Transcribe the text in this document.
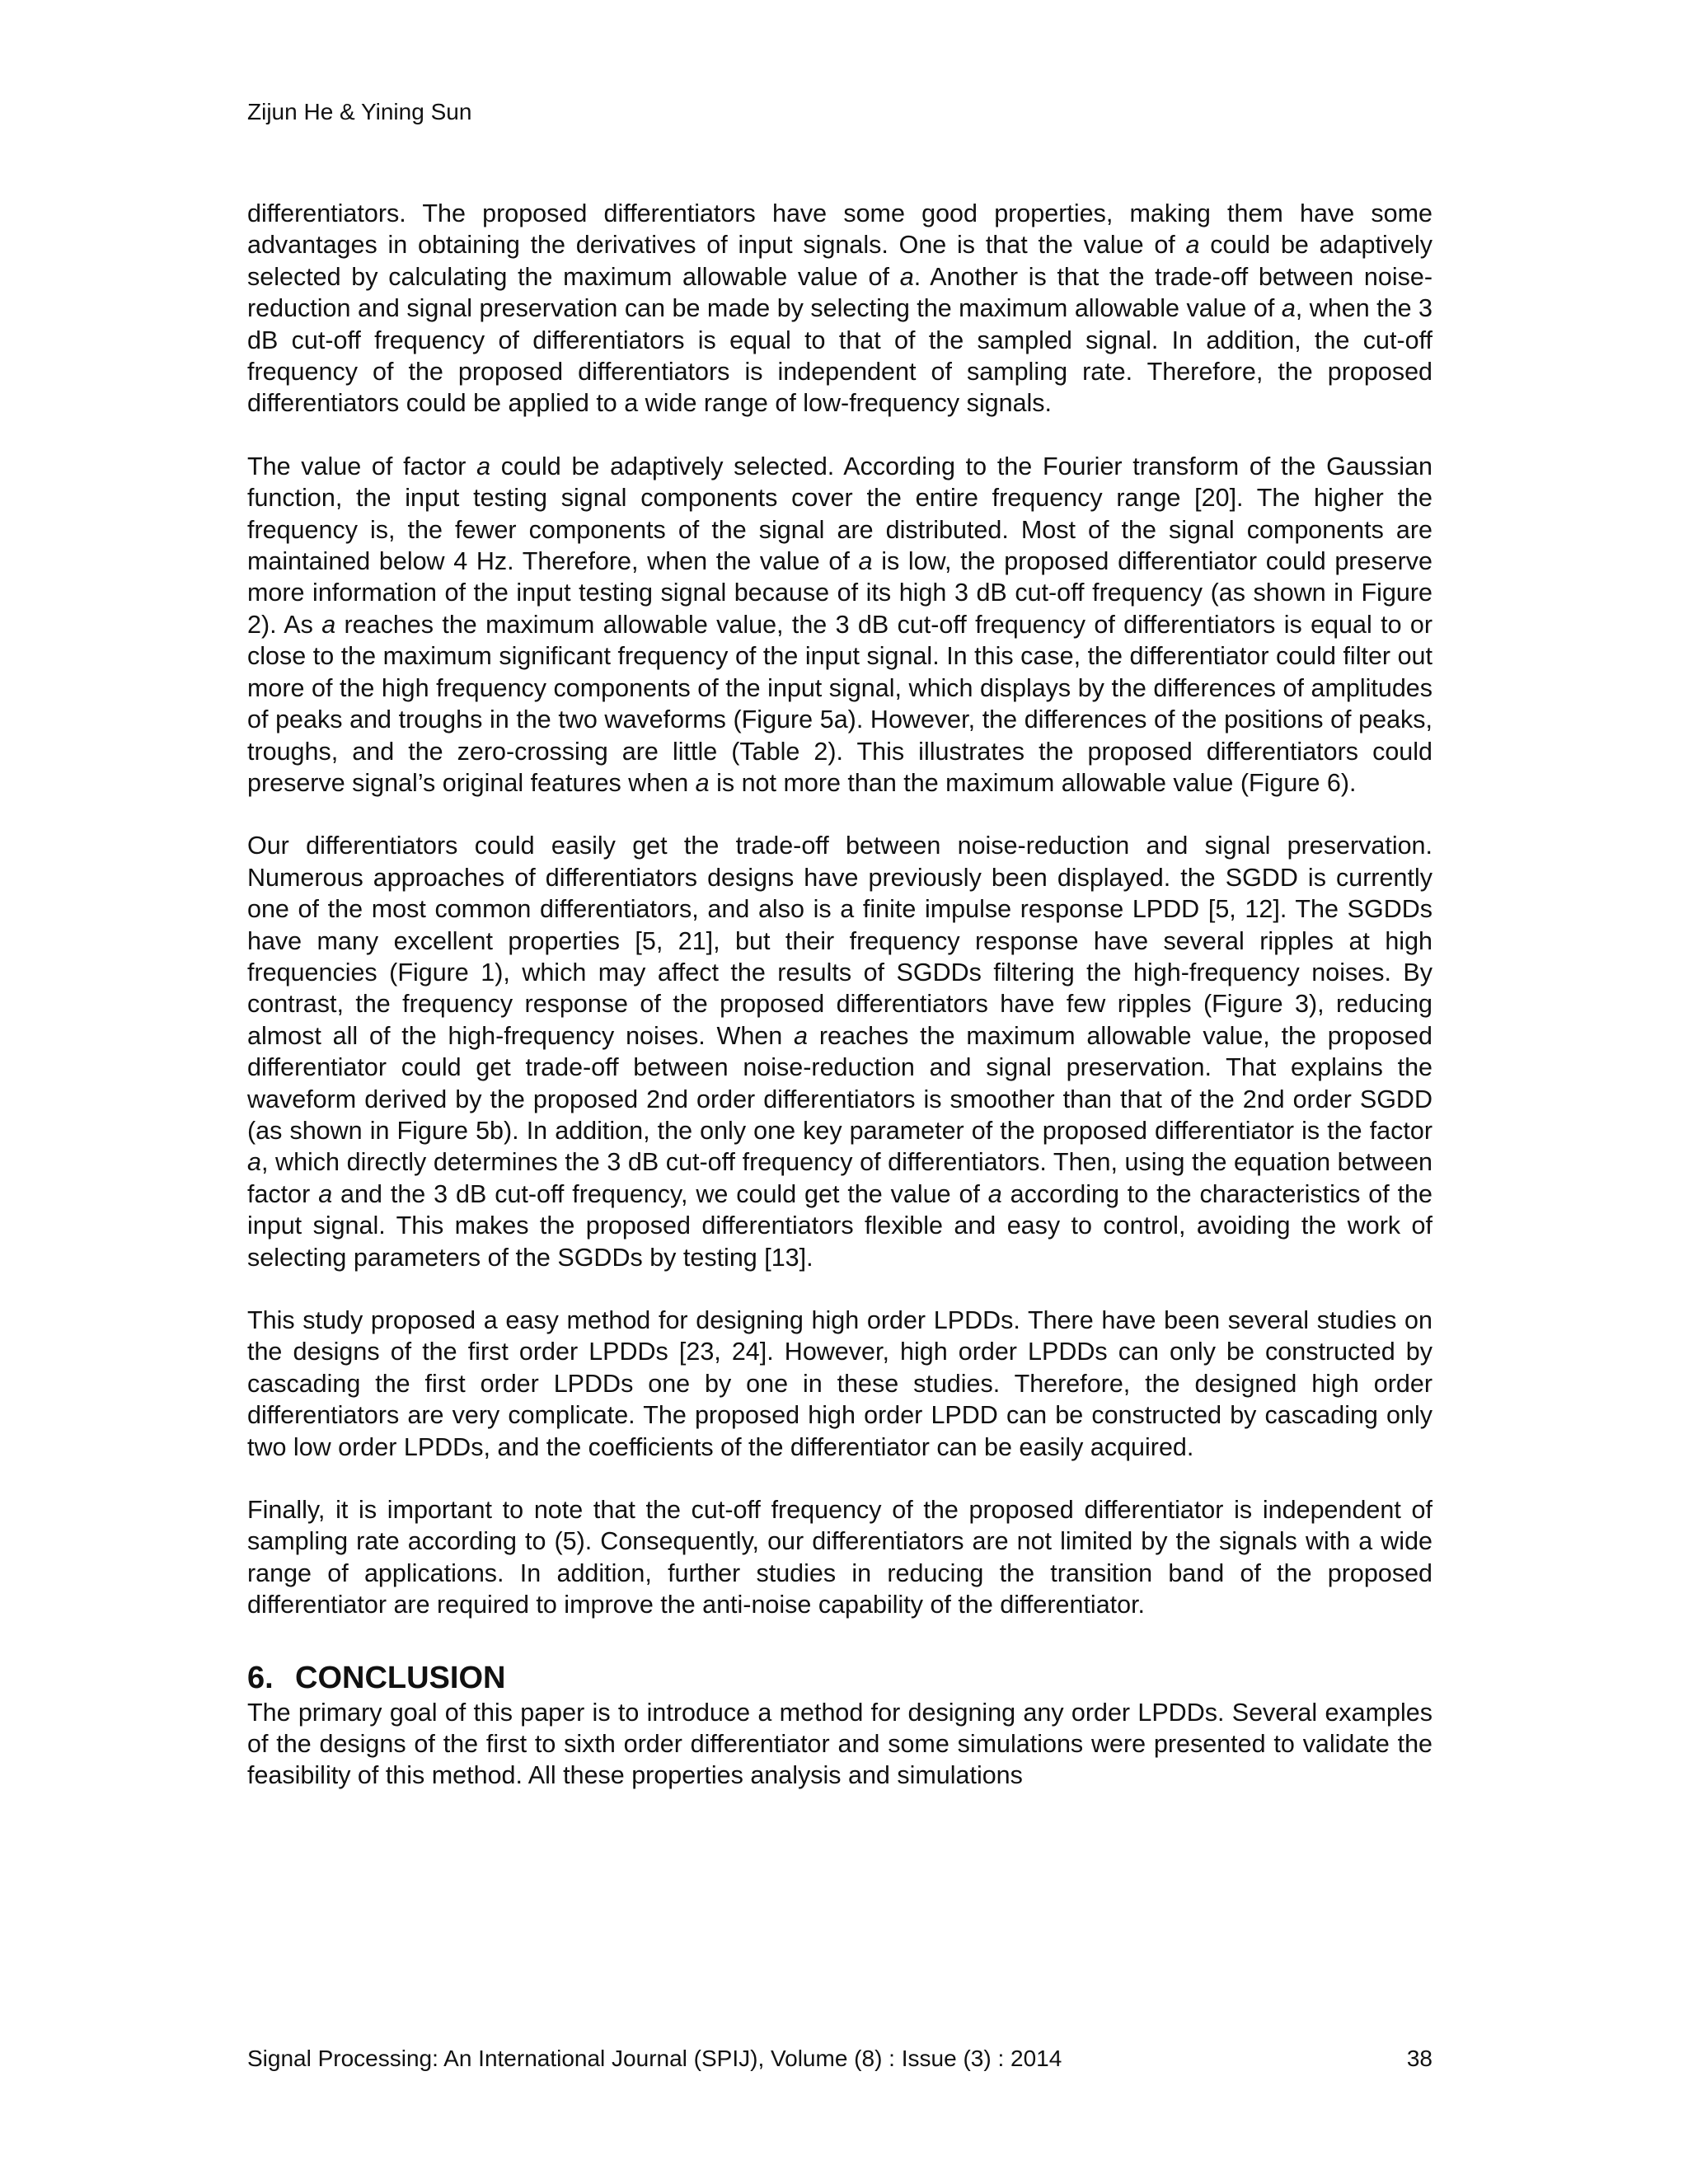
Zijun He & Yining Sun

differentiators. The proposed differentiators have some good properties, making them have some advantages in obtaining the derivatives of input signals. One is that the value of a could be adaptively selected by calculating the maximum allowable value of a. Another is that the trade-off between noise-reduction and signal preservation can be made by selecting the maximum allowable value of a, when the 3 dB cut-off frequency of differentiators is equal to that of the sampled signal. In addition, the cut-off frequency of the proposed differentiators is independent of sampling rate. Therefore, the proposed differentiators could be applied to a wide range of low-frequency signals.

The value of factor a could be adaptively selected. According to the Fourier transform of the Gaussian function, the input testing signal components cover the entire frequency range [20]. The higher the frequency is, the fewer components of the signal are distributed. Most of the signal components are maintained below 4 Hz. Therefore, when the value of a is low, the proposed differentiator could preserve more information of the input testing signal because of its high 3 dB cut-off frequency (as shown in Figure 2). As a reaches the maximum allowable value, the 3 dB cut-off frequency of differentiators is equal to or close to the maximum significant frequency of the input signal. In this case, the differentiator could filter out more of the high frequency components of the input signal, which displays by the differences of amplitudes of peaks and troughs in the two waveforms (Figure 5a). However, the differences of the positions of peaks, troughs, and the zero-crossing are little (Table 2). This illustrates the proposed differentiators could preserve signal’s original features when a is not more than the maximum allowable value (Figure 6).

Our differentiators could easily get the trade-off between noise-reduction and signal preservation. Numerous approaches of differentiators designs have previously been displayed. the SGDD is currently one of the most common differentiators, and also is a finite impulse response LPDD [5, 12]. The SGDDs have many excellent properties [5, 21], but their frequency response have several ripples at high frequencies (Figure 1), which may affect the results of SGDDs filtering the high-frequency noises. By contrast, the frequency response of the proposed differentiators have few ripples (Figure 3), reducing almost all of the high-frequency noises. When a reaches the maximum allowable value, the proposed differentiator could get trade-off between noise-reduction and signal preservation. That explains the waveform derived by the proposed 2nd order differentiators is smoother than that of the 2nd order SGDD (as shown in Figure 5b). In addition, the only one key parameter of the proposed differentiator is the factor a, which directly determines the 3 dB cut-off frequency of differentiators. Then, using the equation between factor a and the 3 dB cut-off frequency, we could get the value of a according to the characteristics of the input signal. This makes the proposed differentiators flexible and easy to control, avoiding the work of selecting parameters of the SGDDs by testing [13].

This study proposed a easy method for designing high order LPDDs. There have been several studies on the designs of the first order LPDDs [23, 24]. However, high order LPDDs can only be constructed by cascading the first order LPDDs one by one in these studies. Therefore, the designed high order differentiators are very complicate. The proposed high order LPDD can be constructed by cascading only two low order LPDDs, and the coefficients of the differentiator can be easily acquired.

Finally, it is important to note that the cut-off frequency of the proposed differentiator is independent of sampling rate according to (5). Consequently, our differentiators are not limited by the signals with a wide range of applications. In addition, further studies in reducing the transition band of the proposed differentiator are required to improve the anti-noise capability of the differentiator.

6. CONCLUSION

The primary goal of this paper is to introduce a method for designing any order LPDDs. Several examples of the designs of the first to sixth order differentiator and some simulations were presented to validate the feasibility of this method. All these properties analysis and simulations

Signal Processing: An International Journal (SPIJ), Volume (8) : Issue (3) : 2014	38
